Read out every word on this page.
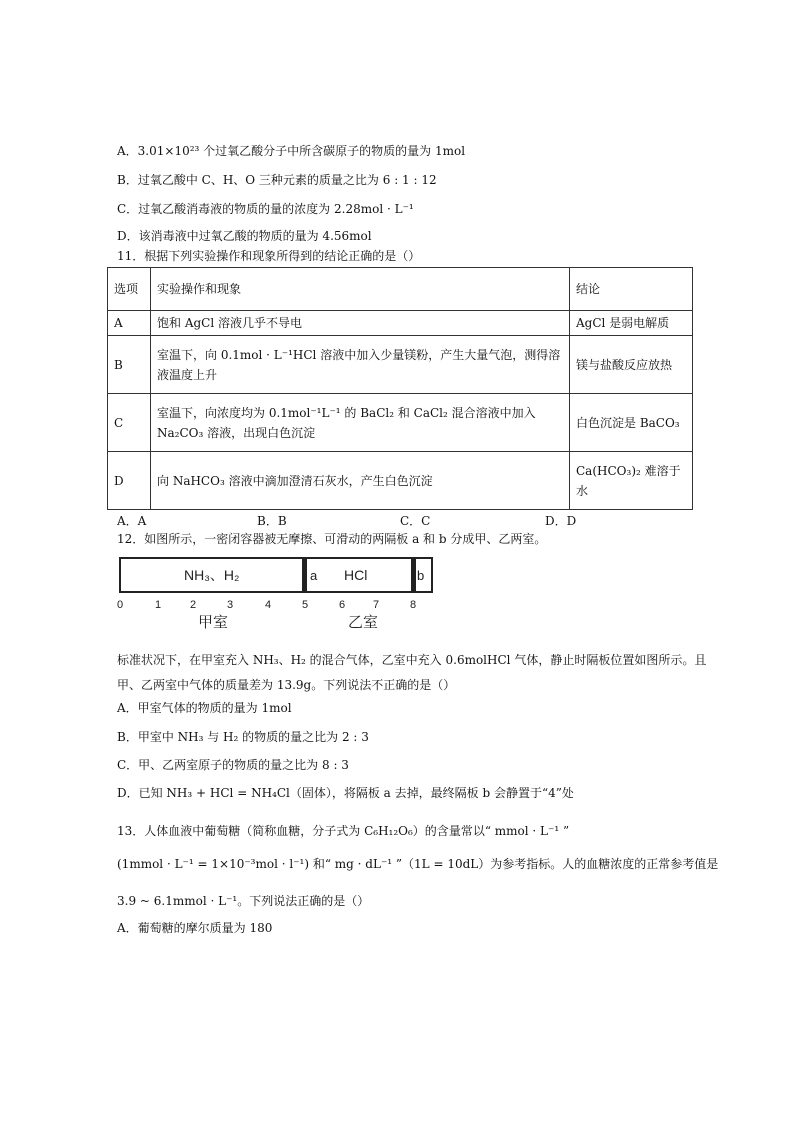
A．3.01×10²³ 个过氧乙酸分子中所含碳原子的物质的量为 1mol
B．过氧乙酸中 C、H、O 三种元素的质量之比为 6 : 1 : 12
C．过氧乙酸消毒液的物质的量的浓度为 2.28mol · L⁻¹
D．该消毒液中过氧乙酸的物质的量为 4.56mol
11．根据下列实验操作和现象所得到的结论正确的是（）
选项	实验操作和现象	结论
A	饱和 AgCl 溶液几乎不导电	AgCl 是弱电解质
B	室温下，向 0.1mol · L⁻¹HCl 溶液中加入少量镁粉，产生大量气泡，测得溶液温度上升	镁与盐酸反应放热
C	室温下，向浓度均为 0.1mol⁻¹L⁻¹ 的 BaCl₂ 和 CaCl₂ 混合溶液中加入 Na₂CO₃ 溶液，出现白色沉淀	白色沉淀是 BaCO₃
D	向 NaHCO₃ 溶液中滴加澄清石灰水，产生白色沉淀	Ca(HCO₃)₂ 难溶于水
A．A	B．B	C．C	D．D
12．如图所示，一密闭容器被无摩擦、可滑动的两隔板 a 和 b 分成甲、乙两室。
NH₃、H₂	HCl
a	b
0	1	2	3	4	5	6	7	8
甲室	乙室
标准状况下，在甲室充入 NH₃、H₂ 的混合气体，乙室中充入 0.6molHCl 气体，静止时隔板位置如图所示。且
甲、乙两室中气体的质量差为 13.9g。下列说法不正确的是（）
A．甲室气体的物质的量为 1mol
B．甲室中 NH₃ 与 H₂ 的物质的量之比为 2 : 3
C．甲、乙两室原子的物质的量之比为 8 : 3
D．已知 NH₃ + HCl = NH₄Cl（固体），将隔板 a 去掉，最终隔板 b 会静置于“4”处
13．人体血液中葡萄糖（简称血糖，分子式为 C₆H₁₂O₆）的含量常以“ mmol · L⁻¹ ”
(1mmol · L⁻¹ = 1×10⁻³mol · l⁻¹) 和“ mg · dL⁻¹ ”（1L = 10dL）为参考指标。人的血糖浓度的正常参考值是
3.9 ~ 6.1mmol · L⁻¹。下列说法正确的是（）
A．葡萄糖的摩尔质量为 180
